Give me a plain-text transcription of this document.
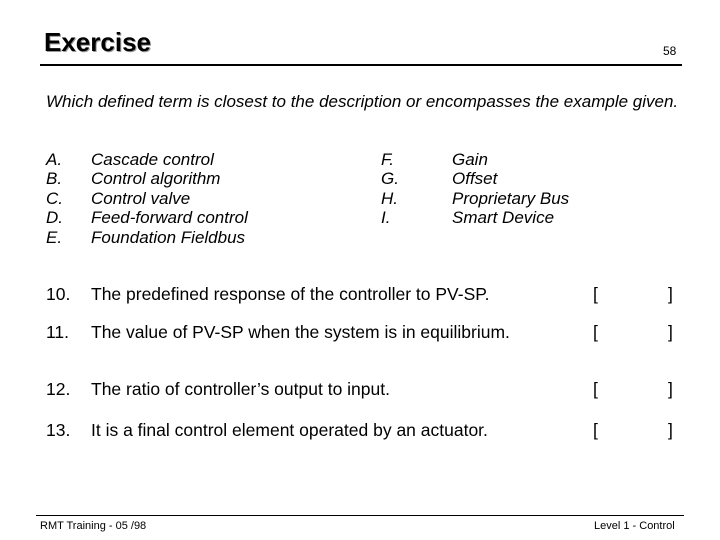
Exercise	58
Which defined term is closest to the description or encompasses the example given.
A.	Cascade control
B.	Control algorithm
C.	Control valve
D.	Feed-forward control
E.	Foundation Fieldbus
F.	Gain
G.	Offset
H.	Proprietary Bus
I.	Smart Device
10. The predefined response of the controller to PV-SP.	[	]
11. The value of PV-SP when the system is in equilibrium.	[	]
12. The ratio of controller’s output to input.	[	]
13. It is a final control element operated by an actuator.	[	]
RMT Training - 05 /98	Level 1 - Control
